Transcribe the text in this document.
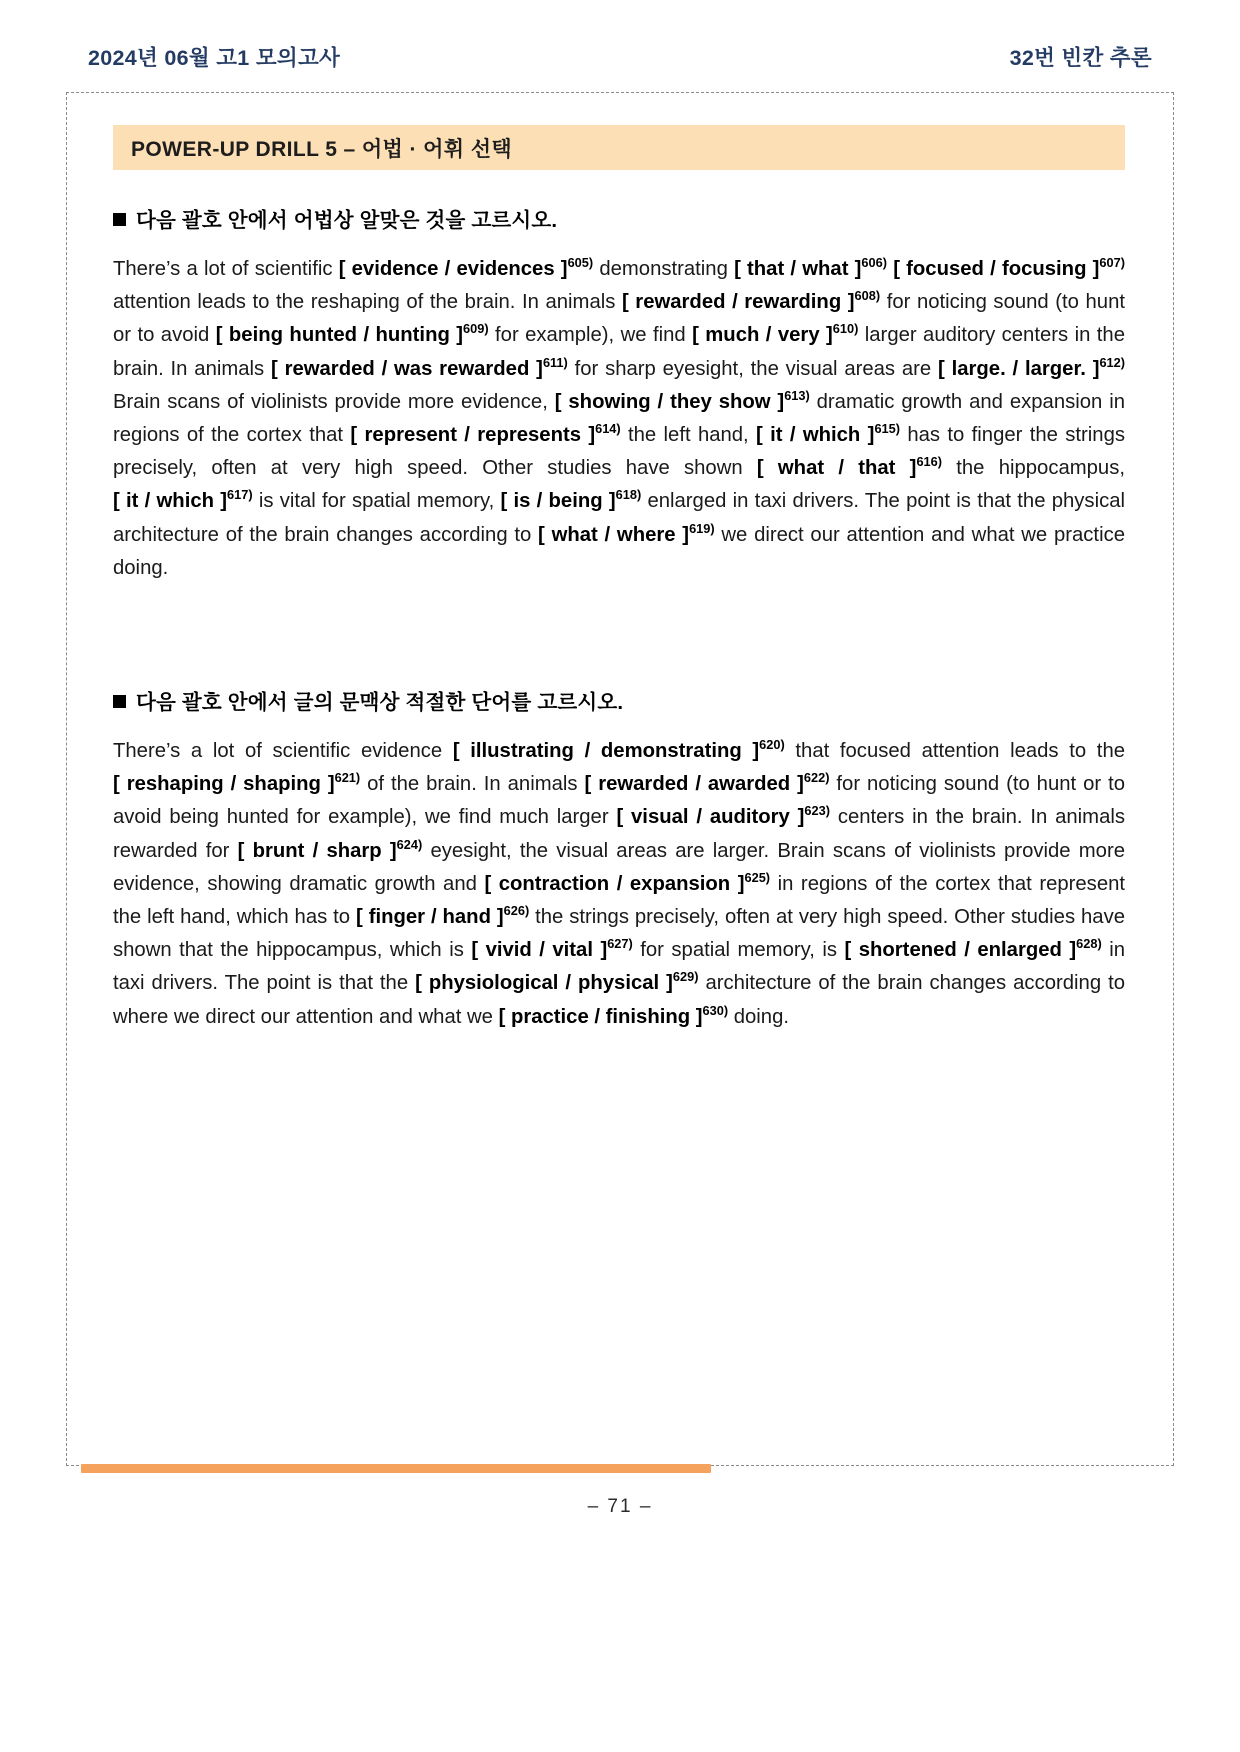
2024년 06월 고1 모의고사	32번 빈칸 추론
POWER-UP DRILL 5 – 어법 · 어휘 선택
다음 괄호 안에서 어법상 알맞은 것을 고르시오.
There’s a lot of scientific [ evidence / evidences ]$^{605)}$ demonstrating [ that / what ]$^{606)}$ [ focused / focusing ]$^{607)}$ attention leads to the reshaping of the brain. In animals [ rewarded / rewarding ]$^{608)}$ for noticing sound (to hunt or to avoid [ being hunted / hunting ]$^{609)}$ for example), we find [ much / very ]$^{610)}$ larger auditory centers in the brain. In animals [ rewarded / was rewarded ]$^{611)}$ for sharp eyesight, the visual areas are [ large. / larger. ]$^{612)}$ Brain scans of violinists provide more evidence, [ showing / they show ]$^{613)}$ dramatic growth and expansion in regions of the cortex that [ represent / represents ]$^{614)}$ the left hand, [ it / which ]$^{615)}$ has to finger the strings precisely, often at very high speed. Other studies have shown [ what / that ]$^{616)}$ the hippocampus, [ it / which ]$^{617)}$ is vital for spatial memory, [ is / being ]$^{618)}$ enlarged in taxi drivers. The point is that the physical architecture of the brain changes according to [ what / where ]$^{619)}$ we direct our attention and what we practice doing.
다음 괄호 안에서 글의 문맥상 적절한 단어를 고르시오.
There’s a lot of scientific evidence [ illustrating / demonstrating ]$^{620)}$ that focused attention leads to the [ reshaping / shaping ]$^{621)}$ of the brain. In animals [ rewarded / awarded ]$^{622)}$ for noticing sound (to hunt or to avoid being hunted for example), we find much larger [ visual / auditory ]$^{623)}$ centers in the brain. In animals rewarded for [ brunt / sharp ]$^{624)}$ eyesight, the visual areas are larger. Brain scans of violinists provide more evidence, showing dramatic growth and [ contraction / expansion ]$^{625)}$ in regions of the cortex that represent the left hand, which has to [ finger / hand ]$^{626)}$ the strings precisely, often at very high speed. Other studies have shown that the hippocampus, which is [ vivid / vital ]$^{627)}$ for spatial memory, is [ shortened / enlarged ]$^{628)}$ in taxi drivers. The point is that the [ physiological / physical ]$^{629)}$ architecture of the brain changes according to where we direct our attention and what we [ practice / finishing ]$^{630)}$ doing.
– 71 –
